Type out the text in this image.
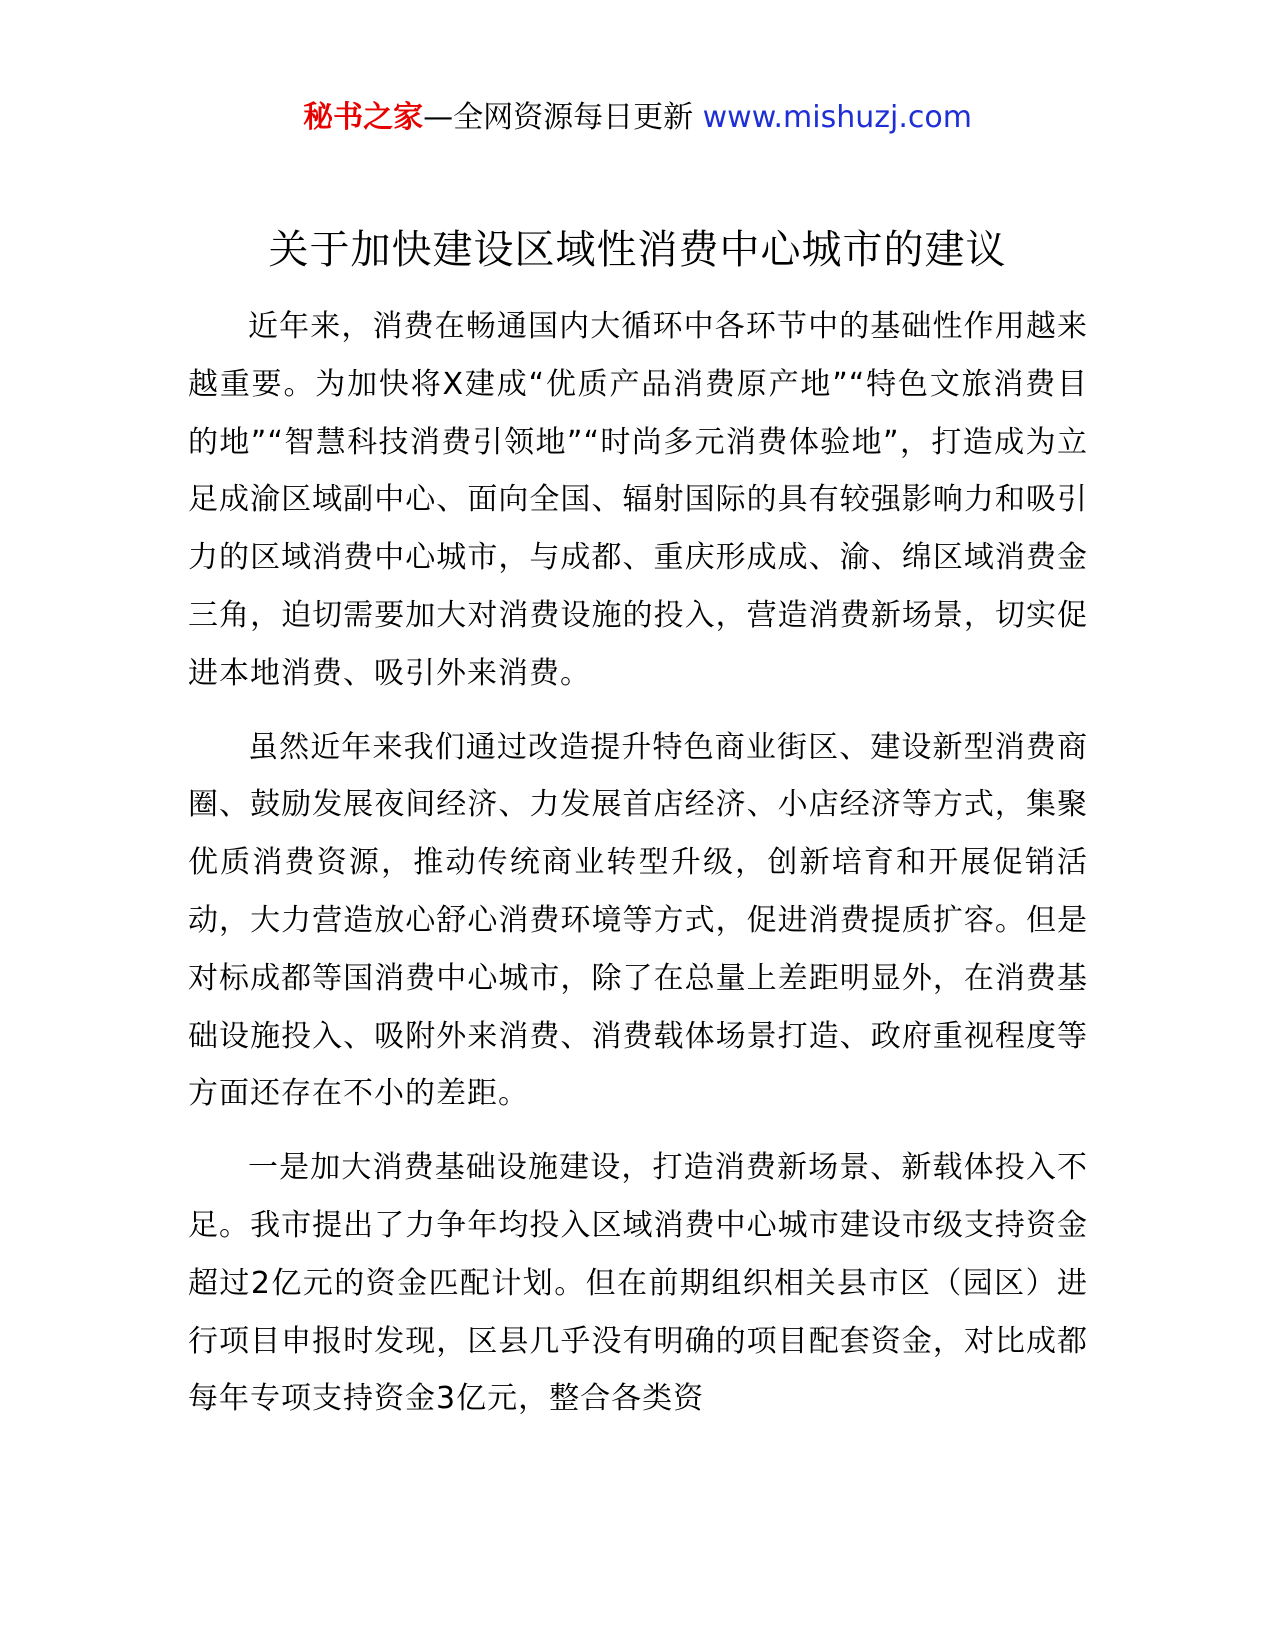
秘书之家—全网资源每日更新 www.mishuzj.com
关于加快建设区域性消费中心城市的建议

近年来，消费在畅通国内大循环中各环节中的基础性作用越来越重要。为加快将X建成“优质产品消费原产地”“特色文旅消费目的地”“智慧科技消费引领地”“时尚多元消费体验地”，打造成为立足成渝区域副中心、面向全国、辐射国际的具有较强影响力和吸引力的区域消费中心城市，与成都、重庆形成成、渝、绵区域消费金三角，迫切需要加大对消费设施的投入，营造消费新场景，切实促进本地消费、吸引外来消费。

虽然近年来我们通过改造提升特色商业街区、建设新型消费商圈、鼓励发展夜间经济、力发展首店经济、小店经济等方式，集聚优质消费资源，推动传统商业转型升级，创新培育和开展促销活动，大力营造放心舒心消费环境等方式，促进消费提质扩容。但是对标成都等国消费中心城市，除了在总量上差距明显外，在消费基础设施投入、吸附外来消费、消费载体场景打造、政府重视程度等方面还存在不小的差距。

一是加大消费基础设施建设，打造消费新场景、新载体投入不足。我市提出了力争年均投入区域消费中心城市建设市级支持资金超过2亿元的资金匹配计划。但在前期组织相关县市区（园区）进行项目申报时发现，区县几乎没有明确的项目配套资金，对比成都每年专项支持资金3亿元，整合各类资
